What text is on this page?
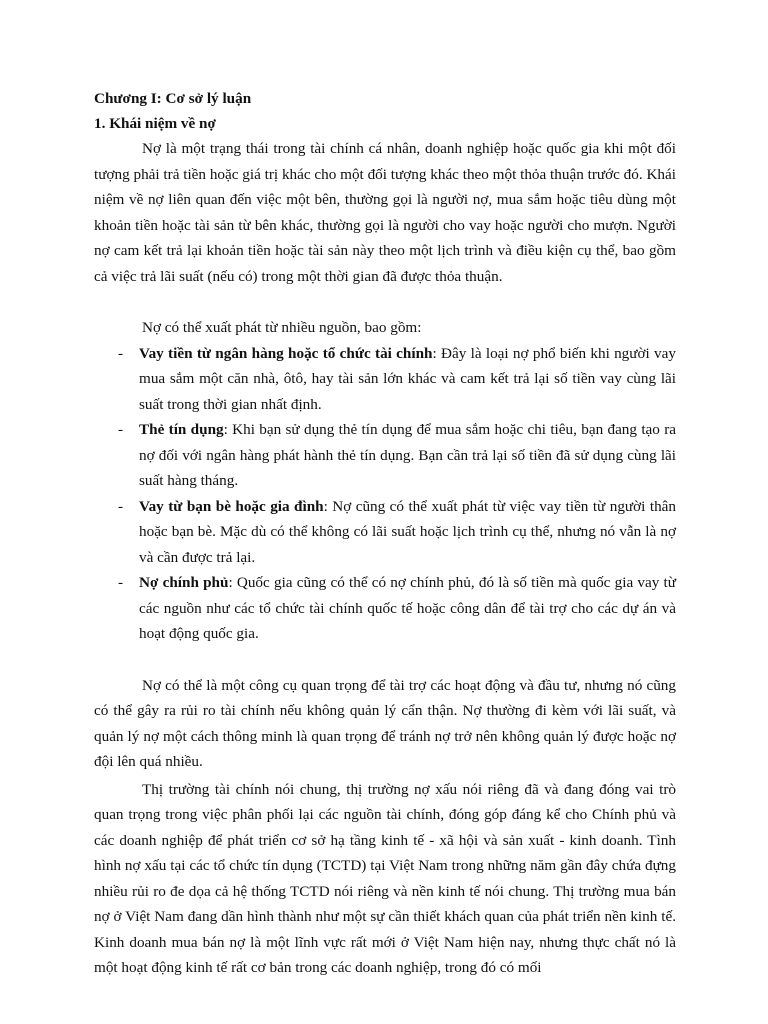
Chương I: Cơ sở lý luận

1. Khái niệm về nợ

Nợ là một trạng thái trong tài chính cá nhân, doanh nghiệp hoặc quốc gia khi một đối tượng phải trả tiền hoặc giá trị khác cho một đối tượng khác theo một thỏa thuận trước đó. Khái niệm về nợ liên quan đến việc một bên, thường gọi là người nợ, mua sắm hoặc tiêu dùng một khoản tiền hoặc tài sản từ bên khác, thường gọi là người cho vay hoặc người cho mượn. Người nợ cam kết trả lại khoản tiền hoặc tài sản này theo một lịch trình và điều kiện cụ thể, bao gồm cả việc trả lãi suất (nếu có) trong một thời gian đã được thỏa thuận.

Nợ có thể xuất phát từ nhiều nguồn, bao gồm:

- Vay tiền từ ngân hàng hoặc tổ chức tài chính: Đây là loại nợ phổ biến khi người vay mua sắm một căn nhà, ôtô, hay tài sản lớn khác và cam kết trả lại số tiền vay cùng lãi suất trong thời gian nhất định.
- Thẻ tín dụng: Khi bạn sử dụng thẻ tín dụng để mua sắm hoặc chi tiêu, bạn đang tạo ra nợ đối với ngân hàng phát hành thẻ tín dụng. Bạn cần trả lại số tiền đã sử dụng cùng lãi suất hàng tháng.
- Vay từ bạn bè hoặc gia đình: Nợ cũng có thể xuất phát từ việc vay tiền từ người thân hoặc bạn bè. Mặc dù có thể không có lãi suất hoặc lịch trình cụ thể, nhưng nó vẫn là nợ và cần được trả lại.
- Nợ chính phủ: Quốc gia cũng có thể có nợ chính phủ, đó là số tiền mà quốc gia vay từ các nguồn như các tổ chức tài chính quốc tế hoặc công dân để tài trợ cho các dự án và hoạt động quốc gia.

Nợ có thể là một công cụ quan trọng để tài trợ các hoạt động và đầu tư, nhưng nó cũng có thể gây ra rủi ro tài chính nếu không quản lý cẩn thận. Nợ thường đi kèm với lãi suất, và quản lý nợ một cách thông minh là quan trọng để tránh nợ trở nên không quản lý được hoặc nợ đội lên quá nhiều.

Thị trường tài chính nói chung, thị trường nợ xấu nói riêng đã và đang đóng vai trò quan trọng trong việc phân phối lại các nguồn tài chính, đóng góp đáng kể cho Chính phủ và các doanh nghiệp để phát triển cơ sở hạ tầng kinh tế - xã hội và sản xuất - kinh doanh. Tình hình nợ xấu tại các tổ chức tín dụng (TCTD) tại Việt Nam trong những năm gần đây chứa đựng nhiều rủi ro đe dọa cả hệ thống TCTD nói riêng và nền kinh tế nói chung. Thị trường mua bán nợ ở Việt Nam đang dần hình thành như một sự cần thiết khách quan của phát triển nền kinh tế. Kinh doanh mua bán nợ là một lĩnh vực rất mới ở Việt Nam hiện nay, nhưng thực chất nó là một hoạt động kinh tế rất cơ bản trong các doanh nghiệp, trong đó có mối
